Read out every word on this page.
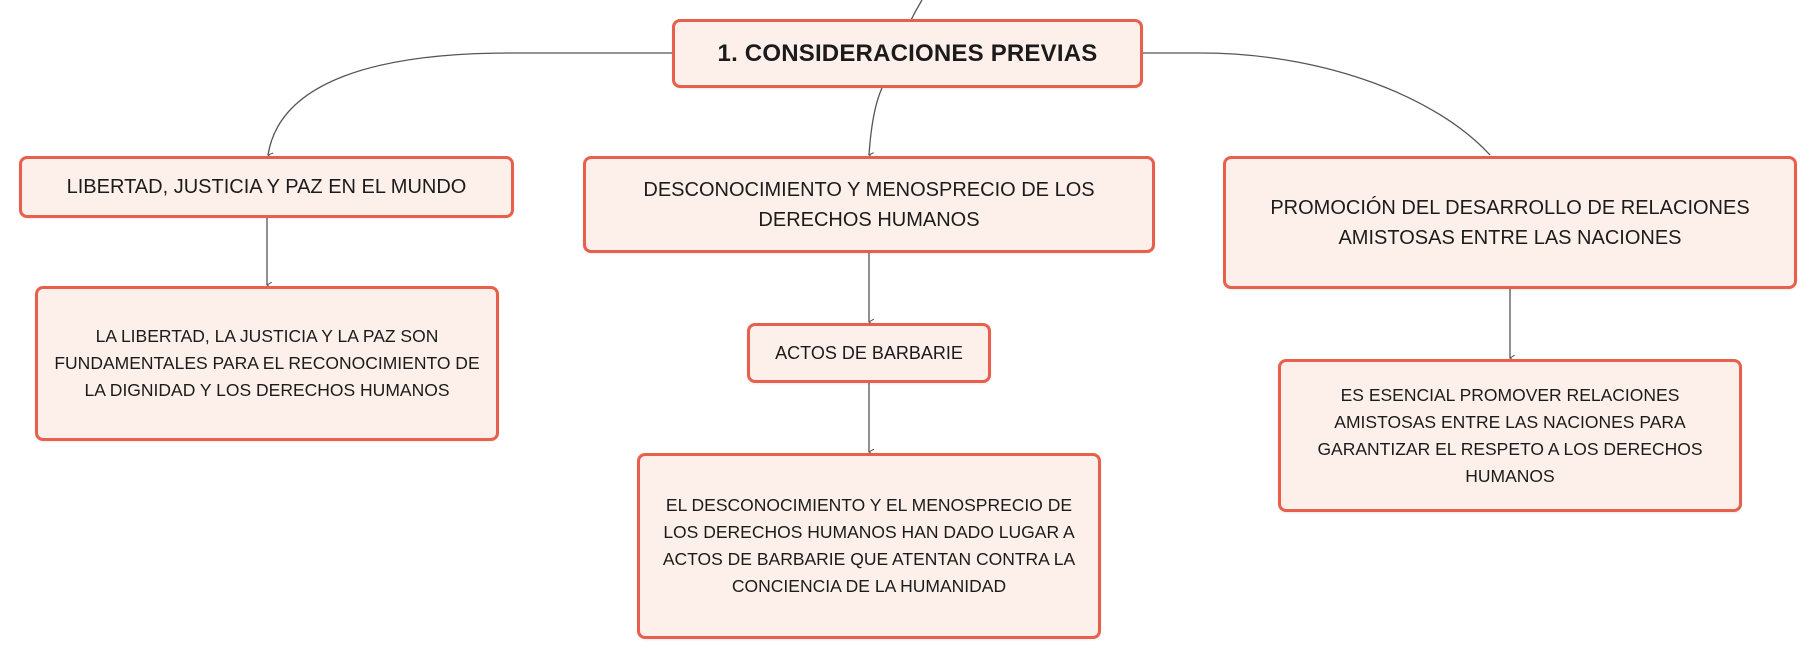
1. CONSIDERACIONES PREVIAS
LIBERTAD, JUSTICIA Y PAZ EN EL MUNDO	DESCONOCIMIENTO Y MENOSPRECIO DE LOS DERECHOS HUMANOS
PROMOCIÓN DEL DESARROLLO DE RELACIONES AMISTOSAS ENTRE LAS NACIONES
LA LIBERTAD, LA JUSTICIA Y LA PAZ SON FUNDAMENTALES PARA EL RECONOCIMIENTO DE LA DIGNIDAD Y LOS DERECHOS HUMANOS
ACTOS DE BARBARIE
EL DESCONOCIMIENTO Y EL MENOSPRECIO DE LOS DERECHOS HUMANOS HAN DADO LUGAR A ACTOS DE BARBARIE QUE ATENTAN CONTRA LA CONCIENCIA DE LA HUMANIDAD
ES ESENCIAL PROMOVER RELACIONES AMISTOSAS ENTRE LAS NACIONES PARA GARANTIZAR EL RESPETO A LOS DERECHOS HUMANOS
